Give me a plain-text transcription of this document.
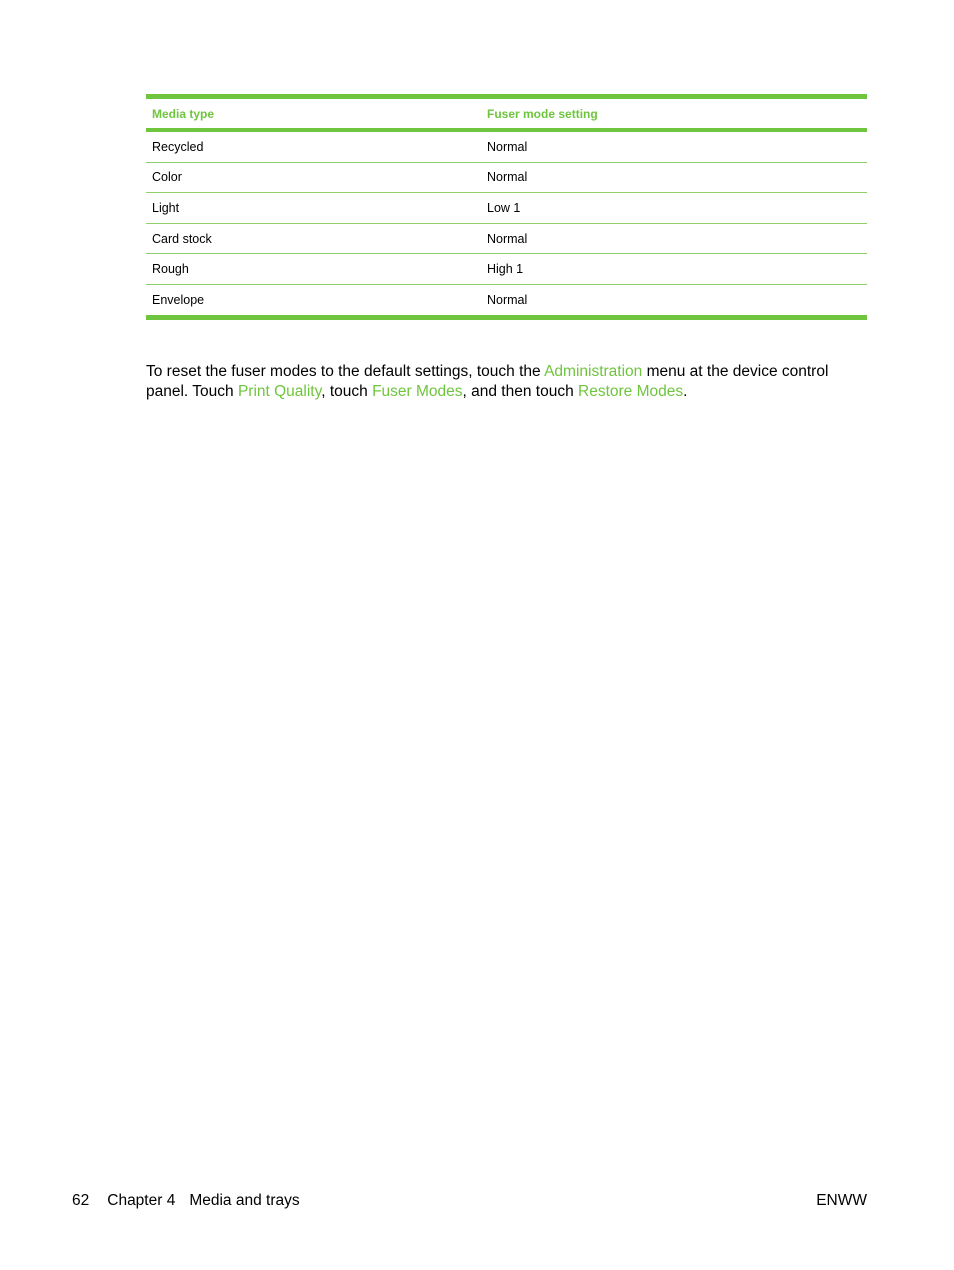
Media type	Fuser mode setting
Recycled	Normal
Color	Normal
Light	Low 1
Card stock	Normal
Rough	High 1
Envelope	Normal

To reset the fuser modes to the default settings, touch the Administration menu at the device control panel. Touch Print Quality, touch Fuser Modes, and then touch Restore Modes.

62 Chapter 4 Media and trays	ENWW
